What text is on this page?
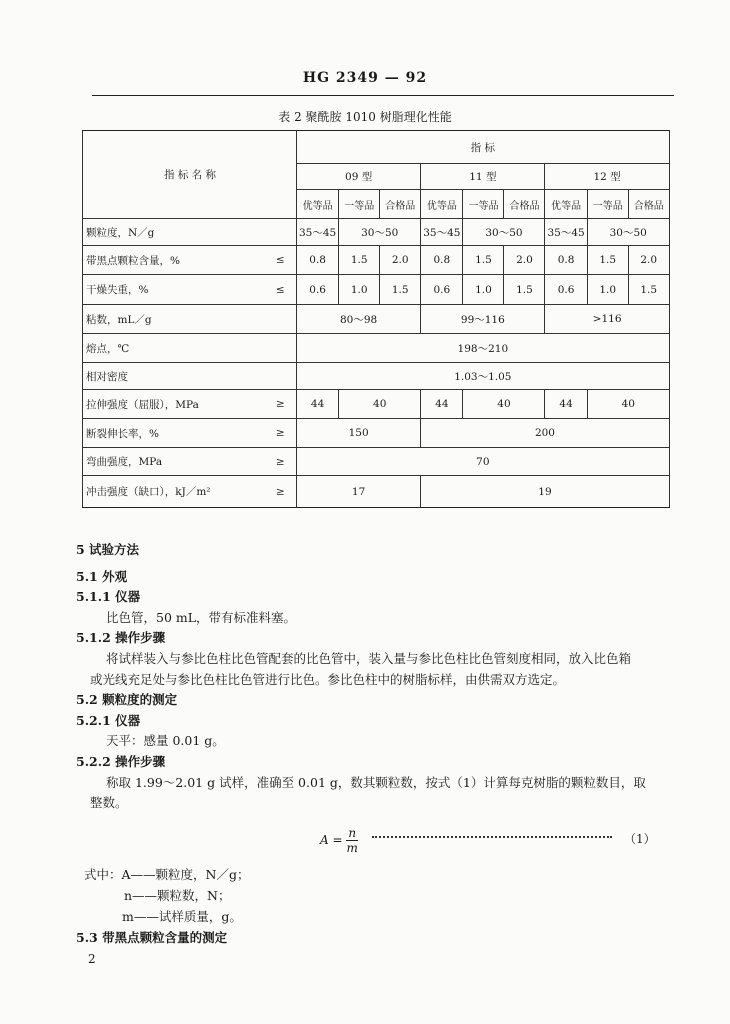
HG 2349 — 92
表 2 聚酰胺 1010 树脂理化性能
指 标 名 称		指 标								
		09 型			11 型			12 型		
		优等品	一等品	合格品	优等品	一等品	合格品	优等品	一等品	合格品
颗粒度，N／g		35～45	30～50		35～45	30～50		35～45	30～50	
带黑点颗粒含量，%	≤	0.8	1.5	2.0	0.8	1.5	2.0	0.8	1.5	2.0
干燥失重，%	≤	0.6	1.0	1.5	0.6	1.0	1.5	0.6	1.0	1.5
粘数，mL／g		80～98			99～116			>116		
熔点，℃		198～210								
相对密度		1.03～1.05								
拉伸强度（屈服），MPa	≥	44	40		44	40		44	40	
断裂伸长率，%	≥	150			200					
弯曲强度，MPa	≥	70								
冲击强度（缺口），kJ／m²	≥	17			19					

5 试验方法

5.1 外观

5.1.1 仪器

比色管，50 mL，带有标准料塞。

5.1.2 操作步骤

将试样装入与参比色柱比色管配套的比色管中，装入量与参比色柱比色管刻度相同，放入比色箱

或光线充足处与参比色柱比色管进行比色。参比色柱中的树脂标样，由供需双方选定。

5.2 颗粒度的测定

5.2.1 仪器

天平：感量 0.01 g。

5.2.2 操作步骤

称取 1.99～2.01 g 试样，准确至 0.01 g，数其颗粒数，按式（1）计算每克树脂的颗粒数目，取

整数。

$A = \frac{n}{m}$	（1）

式中：A——颗粒度，N／g；

n——颗粒数，N；

m——试样质量，g。

5.3 带黑点颗粒含量的测定

2
